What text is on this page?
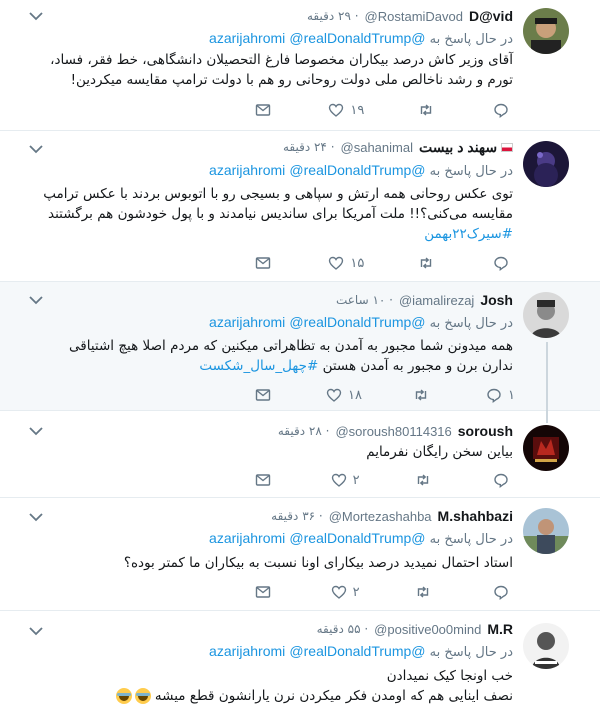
D@vid
@RostamiDavod
· ۲۹ دقیقه
در حال پاسخ به @azarijahromi @realDonaldTrump
آقای وزیر کاش درصد بیکاران مخصوصا فارغ التحصیلان دانشگاهی، خط فقر، فساد، تورم و رشد ناخالص ملی دولت روحانی رو هم با دولت ترامپ مقایسه میکردین!
۱۹
سهند د بیست
@sahanimal
· ۲۴ دقیقه
در حال پاسخ به @azarijahromi @realDonaldTrump
توی عکس روحانی همه ارتش و سپاهی و بسیجی رو با اتوبوس بردند با عکس ترامپ مقایسه می‌کنی؟!! ملت آمریکا برای ساندیس نیامدند و با پول خودشون هم برگشتند
#سیرک۲۲بهمن
۱۵
Josh
@iamalirezaj
· ۱۰ ساعت
در حال پاسخ به @azarijahromi @realDonaldTrump
همه میدونن شما مجبور به آمدن به تظاهراتی میکنین که مردم اصلا هیچ اشتیاقی ندارن برن و مجبور به آمدن هستن #چهل_سال_شکست
۱
۱۸
soroush
@soroush80114316
· ۲۸ دقیقه
بیاین سخن رایگان نفرمایم
۲
M.shahbazi
@Mortezashahba
· ۳۶ دقیقه
در حال پاسخ به @azarijahromi @realDonaldTrump
استاد احتمال نمیدید درصد بیکارای اونا نسبت به بیکاران ما کمتر بوده؟
۲
M.R
@positive0o0mind
· ۵۵ دقیقه
در حال پاسخ به @azarijahromi @realDonaldTrump
خب اونجا کیک نمیدادن
نصف اینایی هم که اومدن فکر میکردن نرن یارانشون قطع میشه
